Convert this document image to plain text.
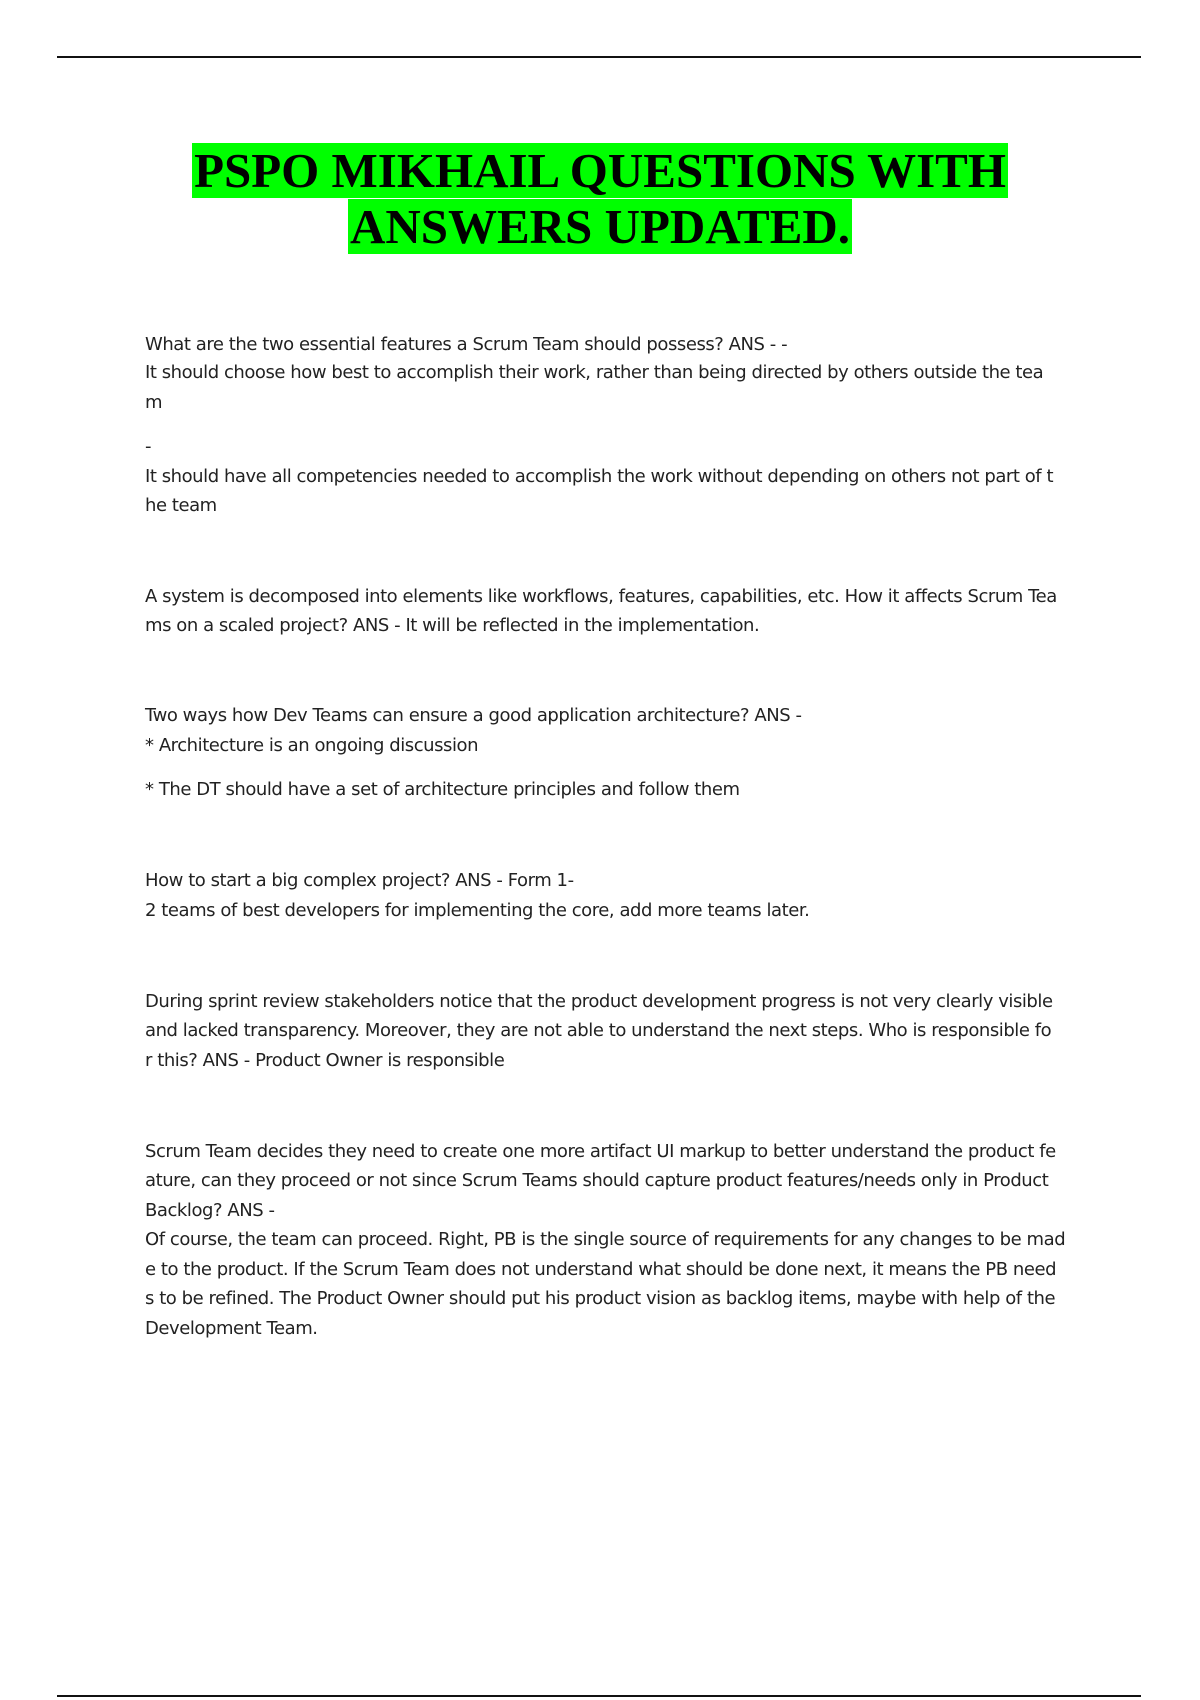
PSPO MIKHAIL QUESTIONS WITH
ANSWERS UPDATED.
What are the two essential features a Scrum Team should possess? ANS - -
It should choose how best to accomplish their work, rather than being directed by others outside the tea
m
-
It should have all competencies needed to accomplish the work without depending on others not part of t
he team
A system is decomposed into elements like workflows, features, capabilities, etc. How it affects Scrum Tea
ms on a scaled project? ANS - It will be reflected in the implementation.
Two ways how Dev Teams can ensure a good application architecture? ANS -
* Architecture is an ongoing discussion
* The DT should have a set of architecture principles and follow them
How to start a big complex project? ANS - Form 1-
2 teams of best developers for implementing the core, add more teams later.
During sprint review stakeholders notice that the product development progress is not very clearly visible
and lacked transparency. Moreover, they are not able to understand the next steps. Who is responsible fo
r this? ANS - Product Owner is responsible
Scrum Team decides they need to create one more artifact UI markup to better understand the product fe
ature, can they proceed or not since Scrum Teams should capture product features/needs only in Product
Backlog? ANS -
Of course, the team can proceed. Right, PB is the single source of requirements for any changes to be mad
e to the product. If the Scrum Team does not understand what should be done next, it means the PB need
s to be refined. The Product Owner should put his product vision as backlog items, maybe with help of the
Development Team.
